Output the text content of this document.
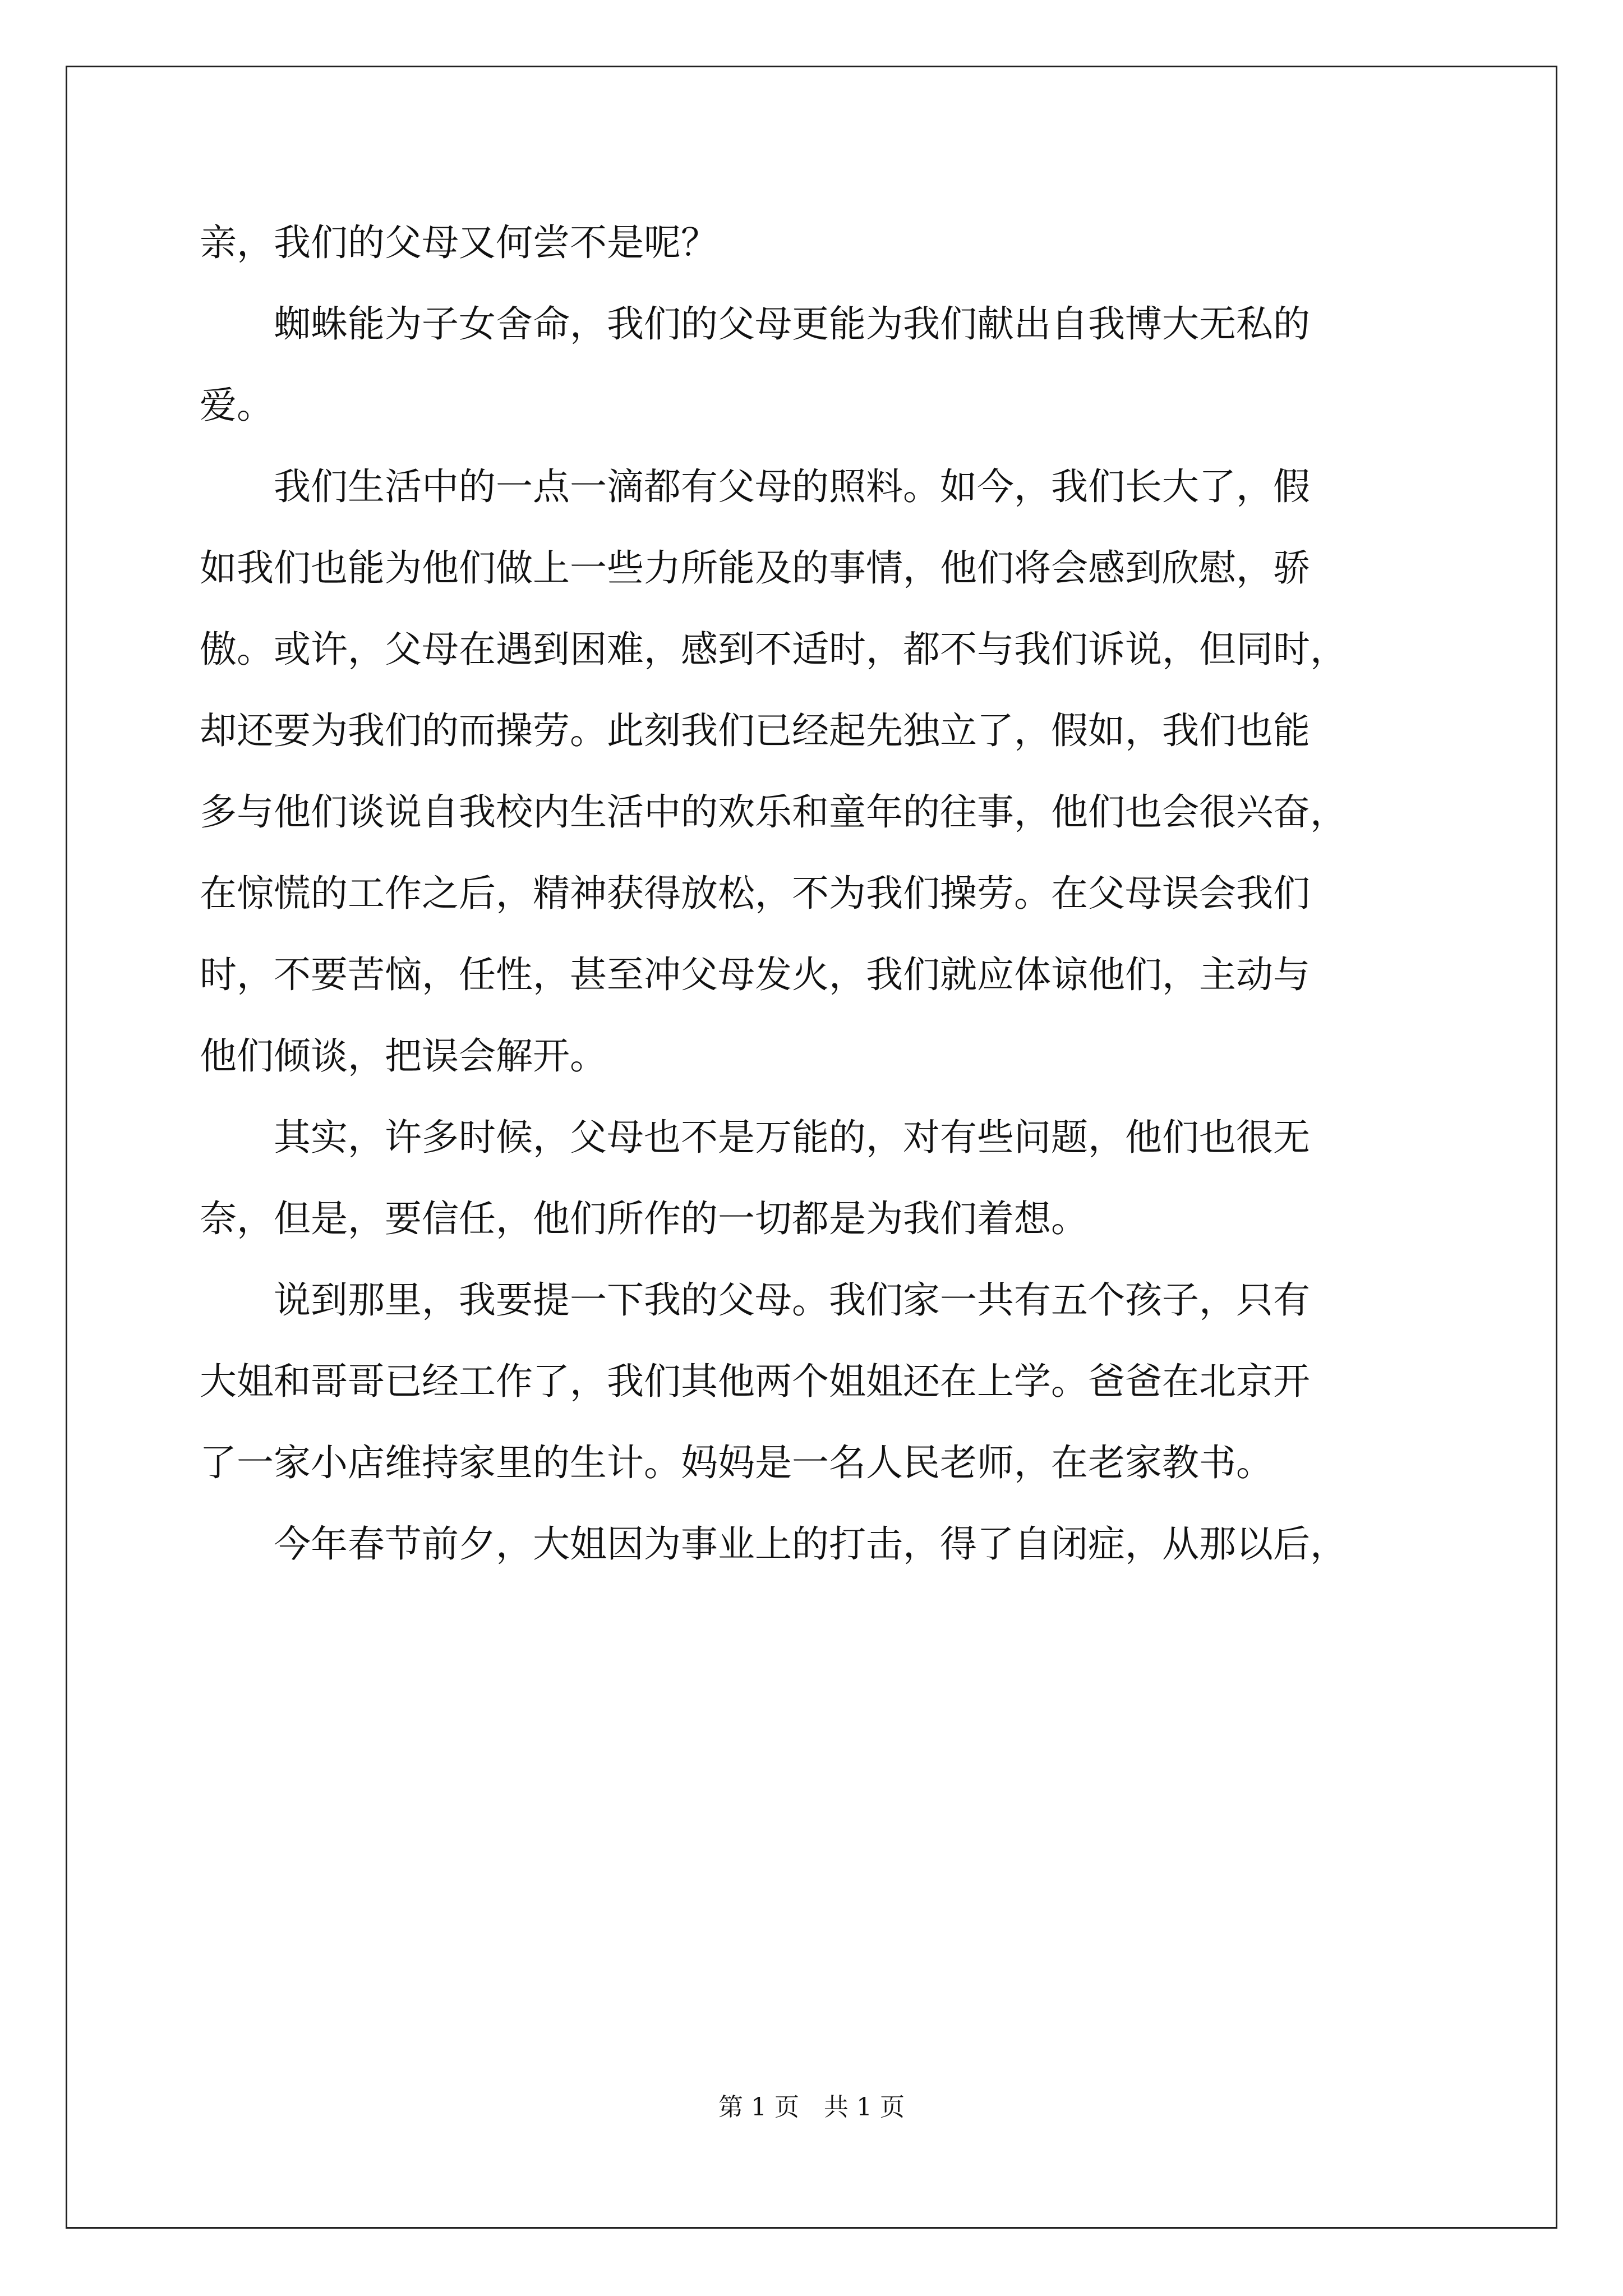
亲，我们的父母又何尝不是呢？
　　蜘蛛能为子女舍命，我们的父母更能为我们献出自我博大无私的
爱。
　　我们生活中的一点一滴都有父母的照料。如今，我们长大了，假
如我们也能为他们做上一些力所能及的事情，他们将会感到欣慰，骄
傲。或许，父母在遇到困难，感到不适时，都不与我们诉说，但同时，
却还要为我们的而操劳。此刻我们已经起先独立了，假如，我们也能
多与他们谈说自我校内生活中的欢乐和童年的往事，他们也会很兴奋，
在惊慌的工作之后，精神获得放松，不为我们操劳。在父母误会我们
时，不要苦恼，任性，甚至冲父母发火，我们就应体谅他们，主动与
他们倾谈，把误会解开。
　　其实，许多时候，父母也不是万能的，对有些问题，他们也很无
奈，但是，要信任，他们所作的一切都是为我们着想。
　　说到那里，我要提一下我的父母。我们家一共有五个孩子，只有
大姐和哥哥已经工作了，我们其他两个姐姐还在上学。爸爸在北京开
了一家小店维持家里的生计。妈妈是一名人民老师，在老家教书。
　　今年春节前夕，大姐因为事业上的打击，得了自闭症，从那以后，
第 1 页　共 1 页
